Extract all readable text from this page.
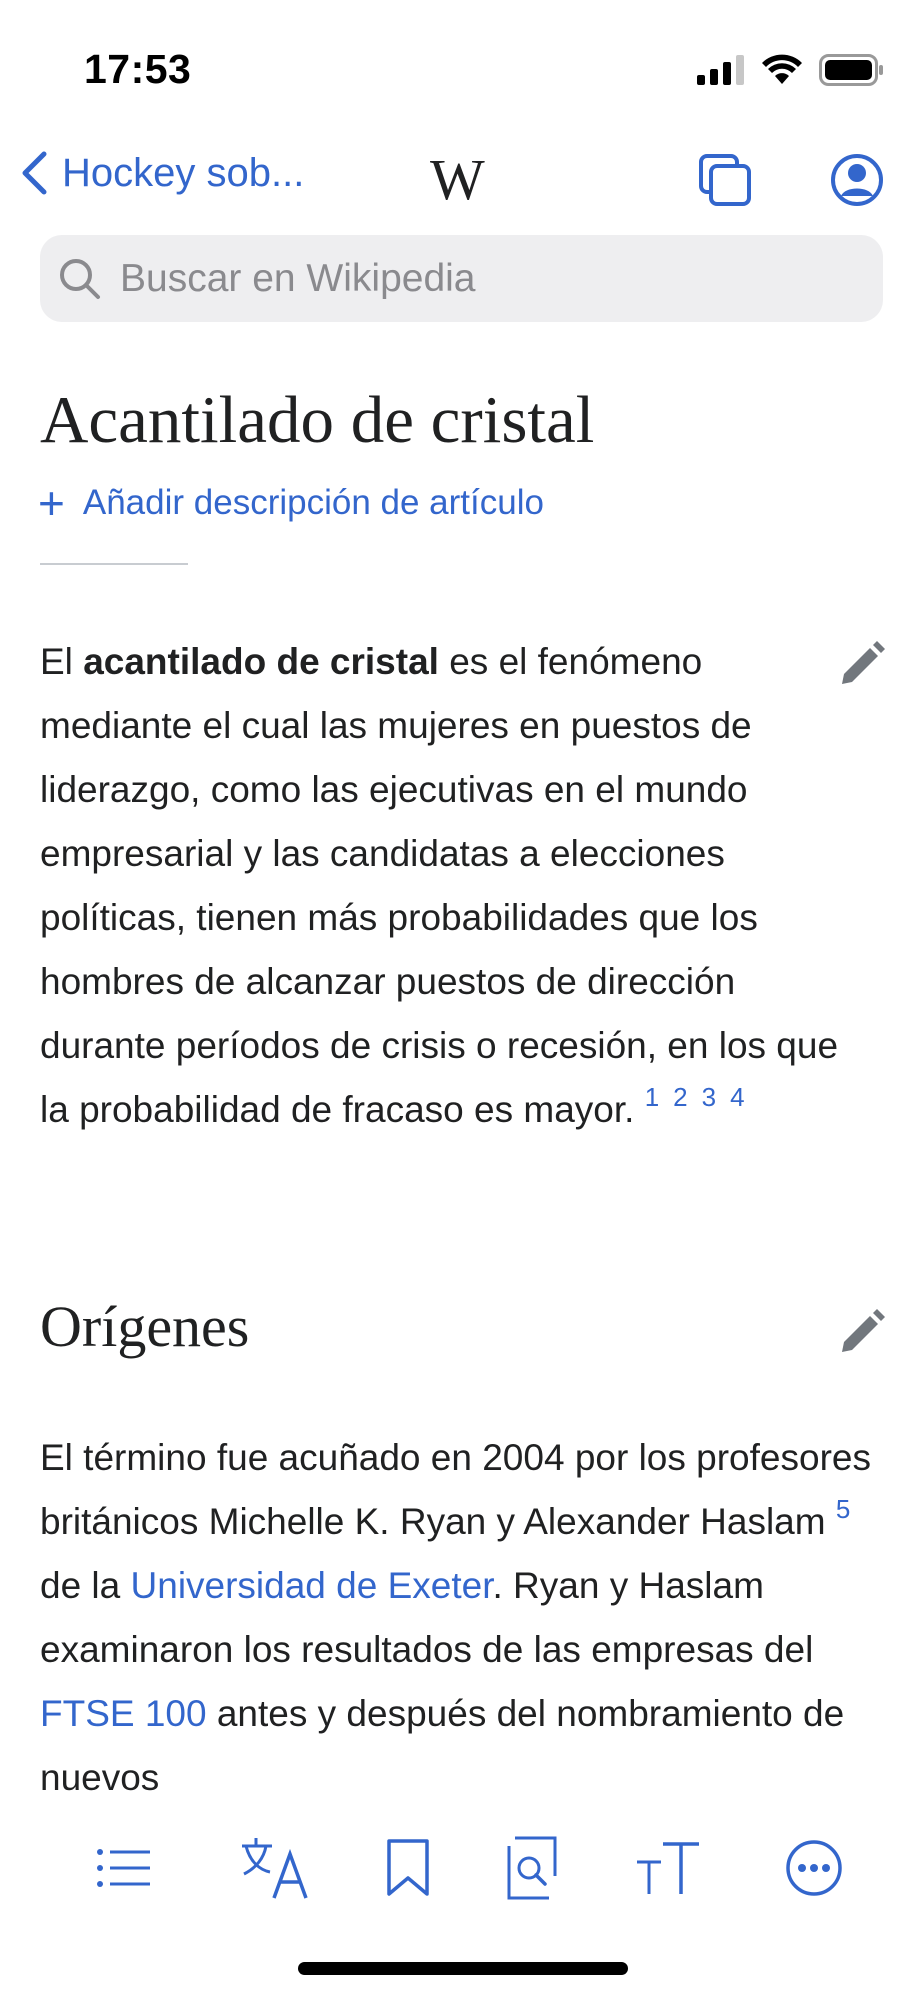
17:53
Hockey sob... W
Buscar en Wikipedia
Acantilado de cristal
+ Añadir descripción de artículo
El acantilado de cristal es el fenómeno mediante el cual las mujeres en puestos de liderazgo, como las ejecutivas en el mundo empresarial y las candidatas a elecciones políticas, tienen más probabilidades que los hombres de alcanzar puestos de dirección durante períodos de crisis o recesión, en los que la probabilidad de fracaso es mayor. $^{1 2 3 4}$
Orígenes
El término fue acuñado en 2004 por los profesores británicos Michelle K. Ryan y Alexander Haslam $^5$ de la Universidad de Exeter. Ryan y Haslam examinaron los resultados de las empresas del FTSE 100 antes y después del nombramiento de nuevos
